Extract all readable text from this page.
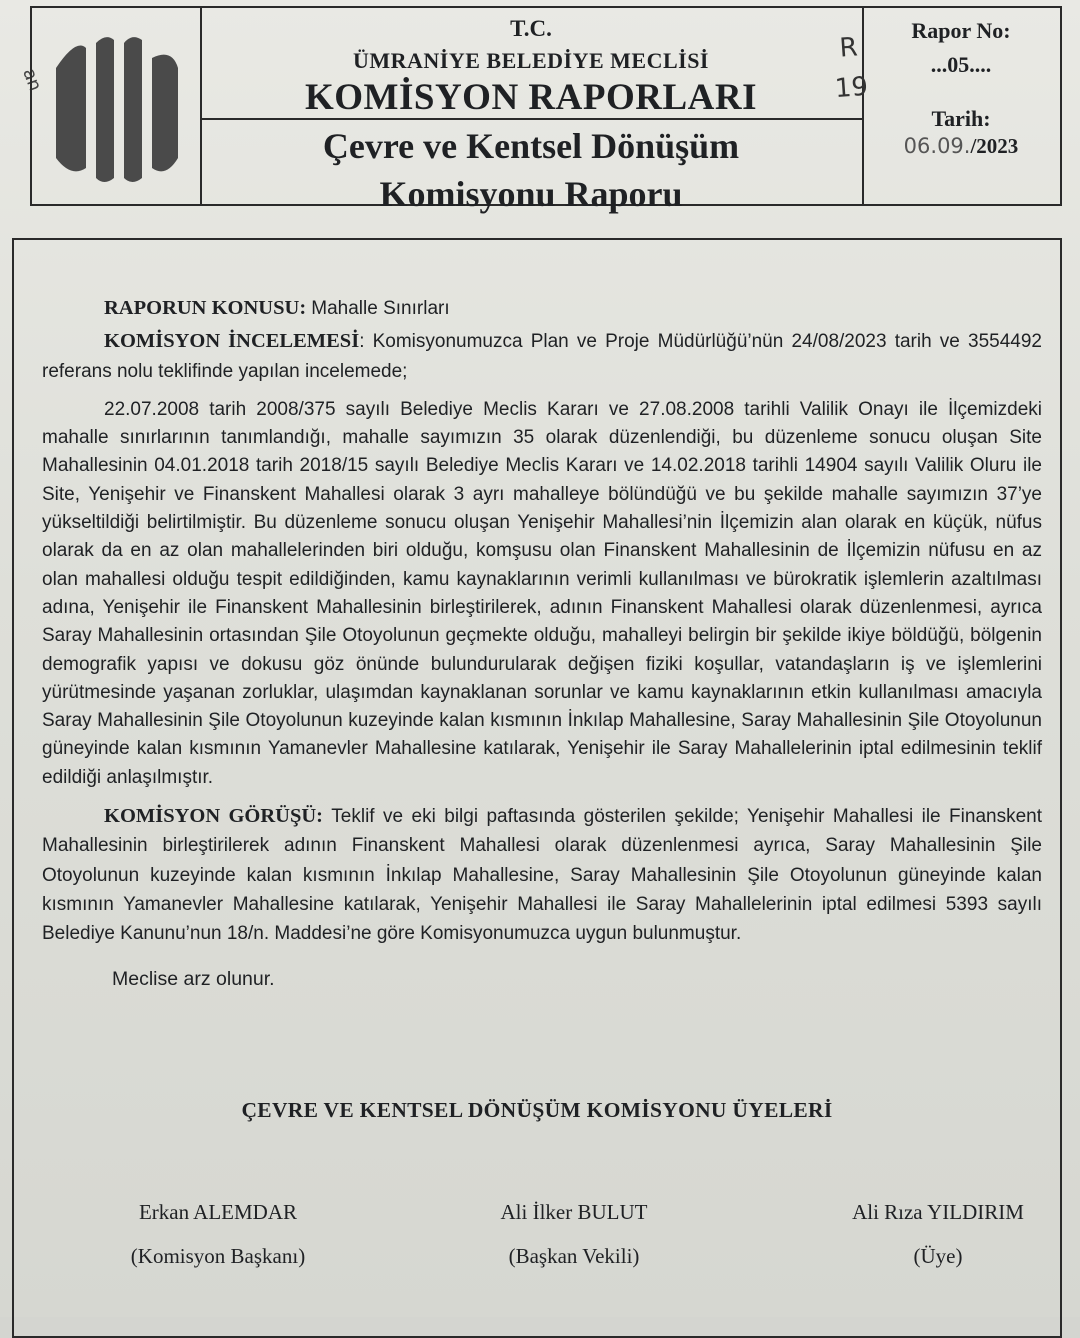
an
T.C.
ÜMRANİYE BELEDİYE MECLİSİ
KOMİSYON RAPORLARI
Çevre ve Kentsel Dönüşüm
Komisyonu Raporu
R
19
Rapor No:
...05....
Tarih:
06.09./2023

RAPORUN KONUSU: Mahalle Sınırları

KOMİSYON İNCELEMESİ: Komisyonumuzca Plan ve Proje Müdürlüğü’nün 24/08/2023 tarih ve 3554492 referans nolu teklifinde yapılan incelemede;

22.07.2008 tarih 2008/375 sayılı Belediye Meclis Kararı ve 27.08.2008 tarihli Valilik Onayı ile İlçemizdeki mahalle sınırlarının tanımlandığı, mahalle sayımızın 35 olarak düzenlendiği, bu düzenleme sonucu oluşan Site Mahallesinin 04.01.2018 tarih 2018/15 sayılı Belediye Meclis Kararı ve 14.02.2018 tarihli 14904 sayılı Valilik Oluru ile Site, Yenişehir ve Finanskent Mahallesi olarak 3 ayrı mahalleye bölündüğü ve bu şekilde mahalle sayımızın 37’ye yükseltildiği belirtilmiştir. Bu düzenleme sonucu oluşan Yenişehir Mahallesi’nin İlçemizin alan olarak en küçük, nüfus olarak da en az olan mahallelerinden biri olduğu, komşusu olan Finanskent Mahallesinin de İlçemizin nüfusu en az olan mahallesi olduğu tespit edildiğinden, kamu kaynaklarının verimli kullanılması ve bürokratik işlemlerin azaltılması adına, Yenişehir ile Finanskent Mahallesinin birleştirilerek, adının Finanskent Mahallesi olarak düzenlenmesi, ayrıca Saray Mahallesinin ortasından Şile Otoyolunun geçmekte olduğu, mahalleyi belirgin bir şekilde ikiye böldüğü, bölgenin demografik yapısı ve dokusu göz önünde bulundurularak değişen fiziki koşullar, vatandaşların iş ve işlemlerini yürütmesinde yaşanan zorluklar, ulaşımdan kaynaklanan sorunlar ve kamu kaynaklarının etkin kullanılması amacıyla Saray Mahallesinin Şile Otoyolunun kuzeyinde kalan kısmının İnkılap Mahallesine, Saray Mahallesinin Şile Otoyolunun güneyinde kalan kısmının Yamanevler Mahallesine katılarak, Yenişehir ile Saray Mahallelerinin iptal edilmesinin teklif edildiği anlaşılmıştır.

KOMİSYON GÖRÜŞÜ: Teklif ve eki bilgi paftasında gösterilen şekilde; Yenişehir Mahallesi ile Finanskent Mahallesinin birleştirilerek adının Finanskent Mahallesi olarak düzenlenmesi ayrıca, Saray Mahallesinin Şile Otoyolunun kuzeyinde kalan kısmının İnkılap Mahallesine, Saray Mahallesinin Şile Otoyolunun güneyinde kalan kısmının Yamanevler Mahallesine katılarak, Yenişehir Mahallesi ile Saray Mahallelerinin iptal edilmesi 5393 sayılı Belediye Kanunu’nun 18/n. Maddesi’ne göre Komisyonumuzca uygun bulunmuştur.

Meclise arz olunur.

ÇEVRE VE KENTSEL DÖNÜŞÜM KOMİSYONU ÜYELERİ
Erkan ALEMDAR
(Komisyon Başkanı)
Ali İlker BULUT
(Başkan Vekili)
Ali Rıza YILDIRIM
(Üye)
